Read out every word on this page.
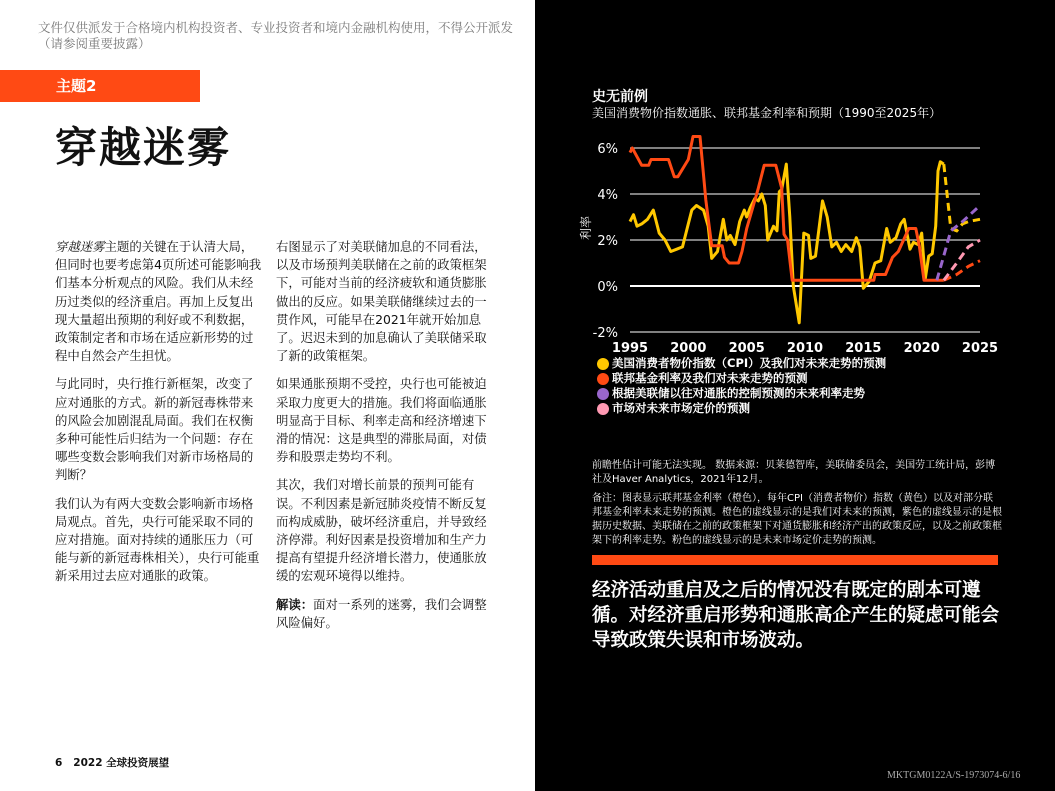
文件仅供派发于合格境内机构投资者、专业投资者和境内金融机构使用，不得公开派发（请参阅重要披露）
主题2
穿越迷雾

穿越迷雾主题的关键在于认清大局，但同时也要考虑第4页所述可能影响我们基本分析观点的风险。我们从未经历过类似的经济重启。再加上反复出现大量超出预期的利好或不利数据，政策制定者和市场在适应新形势的过程中自然会产生担忧。

与此同时，央行推行新框架，改变了应对通胀的方式。新的新冠毒株带来的风险会加剧混乱局面。我们在权衡多种可能性后归结为一个问题：存在哪些变数会影响我们对新市场格局的判断？

我们认为有两大变数会影响新市场格局观点。首先，央行可能采取不同的应对措施。面对持续的通胀压力（可能与新的新冠毒株相关），央行可能重新采用过去应对通胀的政策。

右图显示了对美联储加息的不同看法，以及市场预判美联储在之前的政策框架下，可能对当前的经济疲软和通货膨胀做出的反应。如果美联储继续过去的一贯作风，可能早在2021年就开始加息了。迟迟未到的加息确认了美联储采取了新的政策框架。

如果通胀预期不受控，央行也可能被迫采取力度更大的措施。我们将面临通胀明显高于目标、利率走高和经济增速下滑的情况：这是典型的滞胀局面，对债券和股票走势均不利。

其次，我们对增长前景的预判可能有误。不利因素是新冠肺炎疫情不断反复而构成威胁，破坏经济重启，并导致经济停滞。利好因素是投资增加和生产力提高有望提升经济增长潜力，使通胀放缓的宏观环境得以维持。

解读：面对一系列的迷雾，我们会调整风险偏好。

6 2022 全球投资展望
史无前例
美国消费物价指数通胀、联邦基金利率和预期（1990至2025年）
6%
4%
2%
0%
-2%
1995 2000 2005 2010 2015 2020 2025
利率
美国消费者物价指数（CPI）及我们对未来走势的预测
联邦基金利率及我们对未来走势的预测
根据美联储以往对通胀的控制预测的未来利率走势
市场对未来市场定价的预测

前瞻性估计可能无法实现。 数据来源：贝莱德智库，美联储委员会，美国劳工统计局，彭博社及Haver Analytics，2021年12月。

备注：图表显示联邦基金利率（橙色），每年CPI（消费者物价）指数（黄色）以及对部分联邦基金利率未来走势的预测。橙色的虚线显示的是我们对未来的预测，紫色的虚线显示的是根据历史数据、美联储在之前的政策框架下对通货膨胀和经济产出的政策反应，以及之前政策框架下的利率走势。粉色的虚线显示的是未来市场定价走势的预测。

经济活动重启及之后的情况没有既定的剧本可遵循。对经济重启形势和通胀高企产生的疑虑可能会导致政策失误和市场波动。
MKTGM0122A/S-1973074-6/16
